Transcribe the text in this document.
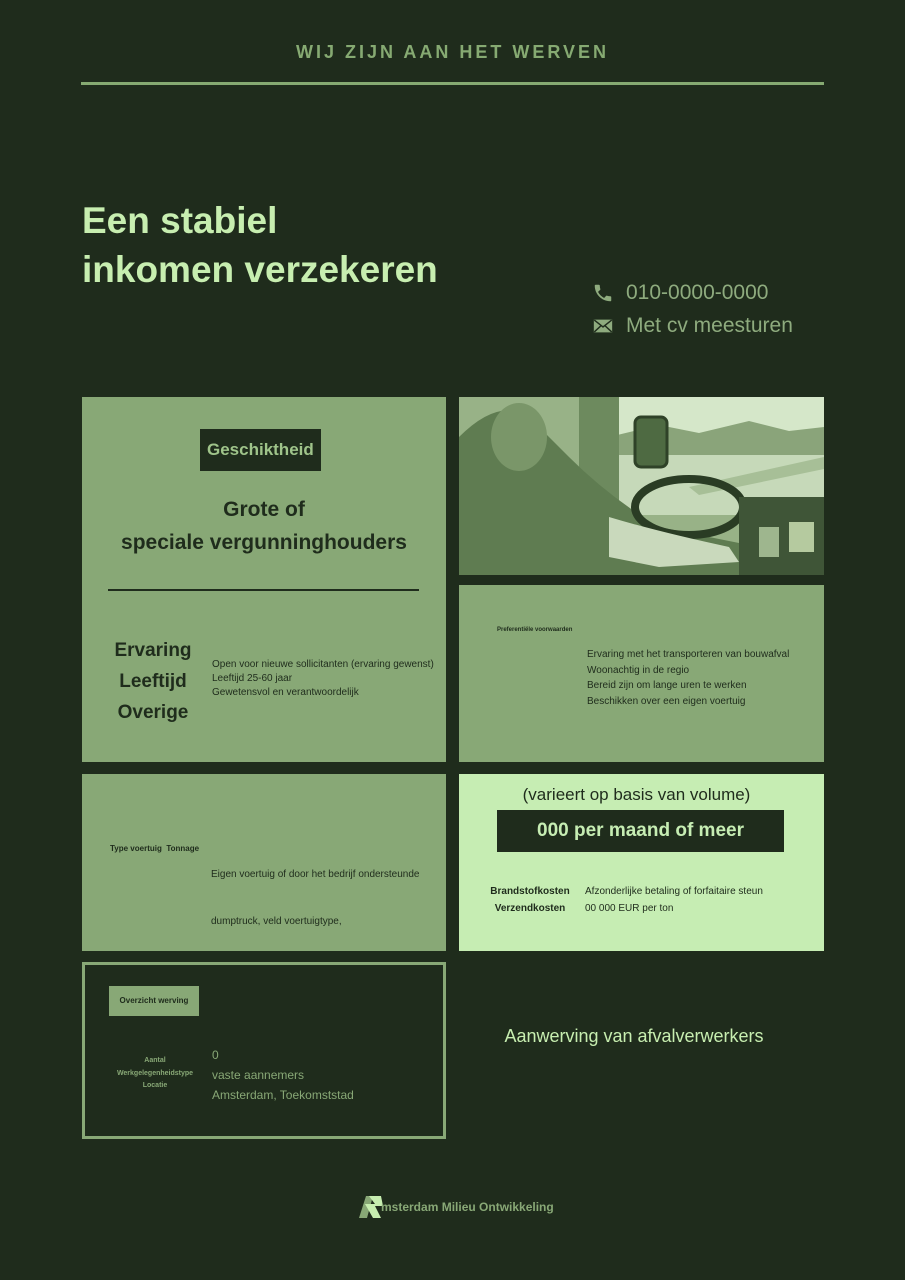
WIJ ZIJN AAN HET WERVEN
Een stabiel
inkomen verzekeren
010-0000-0000
Met cv meesturen
Geschiktheid
Grote of
speciale vergunninghouders
Ervaring
Leeftijd
Overige
Open voor nieuwe sollicitanten (ervaring gewenst)
Leeftijd 25-60 jaar
Gewetensvol en verantwoordelijk
Preferentiële voorwaarden
Ervaring met het transporteren van bouwafval
Woonachtig in de regio
Bereid zijn om lange uren te werken
Beschikken over een eigen voertuig
Type voertuig Tonnage

Eigen voertuig of door het bedrijf ondersteunde

dumptruck, veld voertuigtype,

(varieert op basis van volume)
000 per maand of meer
Brandstofkosten
Verzendkosten
Afzonderlijke betaling of forfaitaire steun
00 000 EUR per ton
Overzicht werving
Aantal
Werkgelegenheidstype
Locatie
0
vaste aannemers
Amsterdam, Toekomststad
Aanwerving van afvalverwerkers
msterdam Milieu Ontwikkeling
